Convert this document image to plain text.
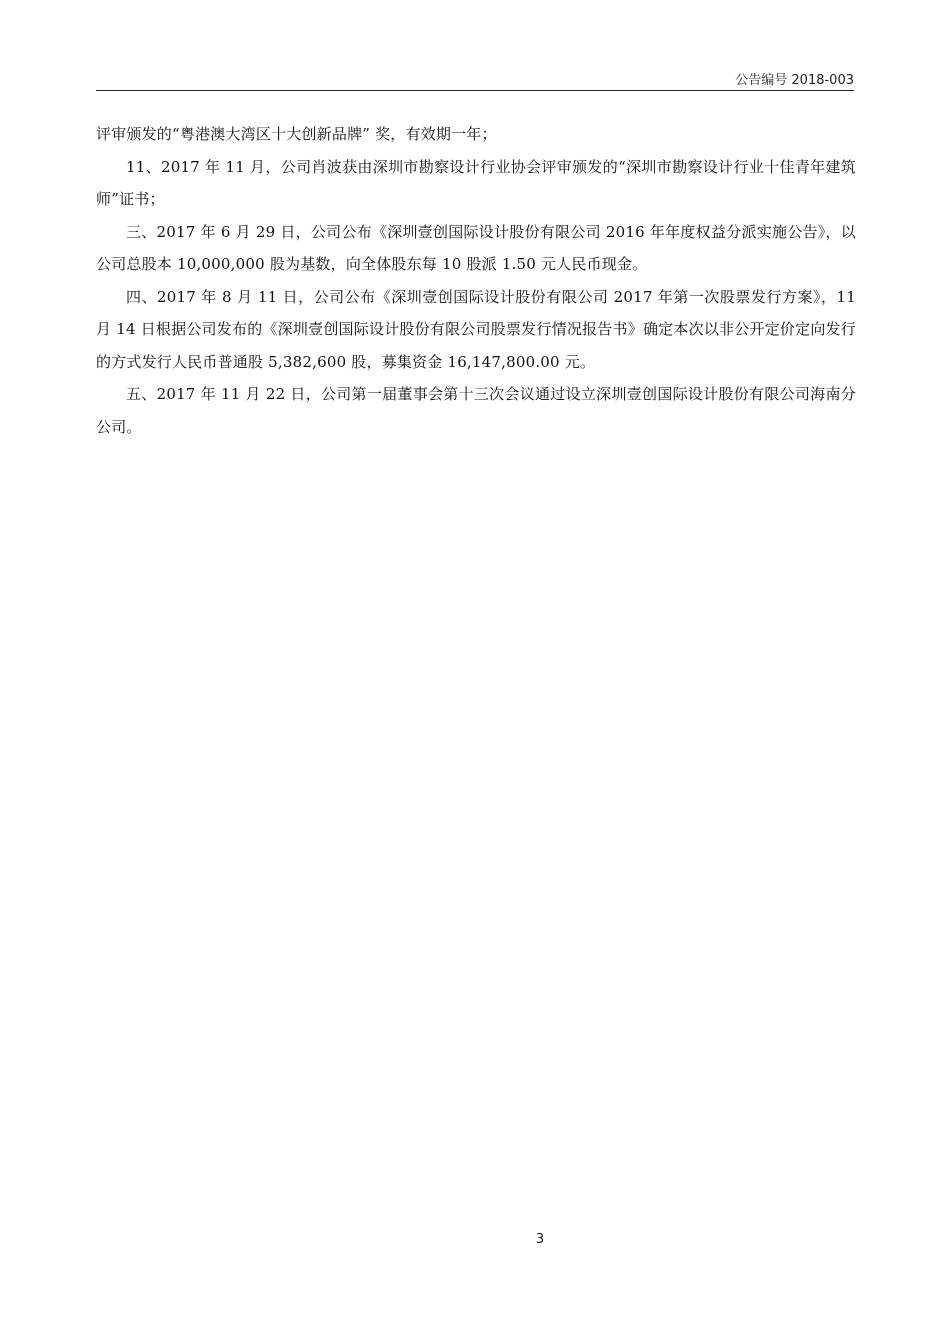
公告编号 2018-003

评审颁发的“粤港澳大湾区十大创新品牌” 奖，有效期一年；

11、2017 年 11 月，公司肖波获由深圳市勘察设计行业协会评审颁发的“深圳市勘察设计行业十佳青年建筑师”证书；

三、2017 年 6 月 29 日，公司公布《深圳壹创国际设计股份有限公司 2016 年年度权益分派实施公告》，以公司总股本 10,000,000 股为基数，向全体股东每 10 股派 1.50 元人民币现金。

四、2017 年 8 月 11 日，公司公布《深圳壹创国际设计股份有限公司 2017 年第一次股票发行方案》，11 月 14 日根据公司发布的《深圳壹创国际设计股份有限公司股票发行情况报告书》确定本次以非公开定价定向发行的方式发行人民币普通股 5,382,600 股，募集资金 16,147,800.00 元。

五、2017 年 11 月 22 日，公司第一届董事会第十三次会议通过设立深圳壹创国际设计股份有限公司海南分公司。

3
